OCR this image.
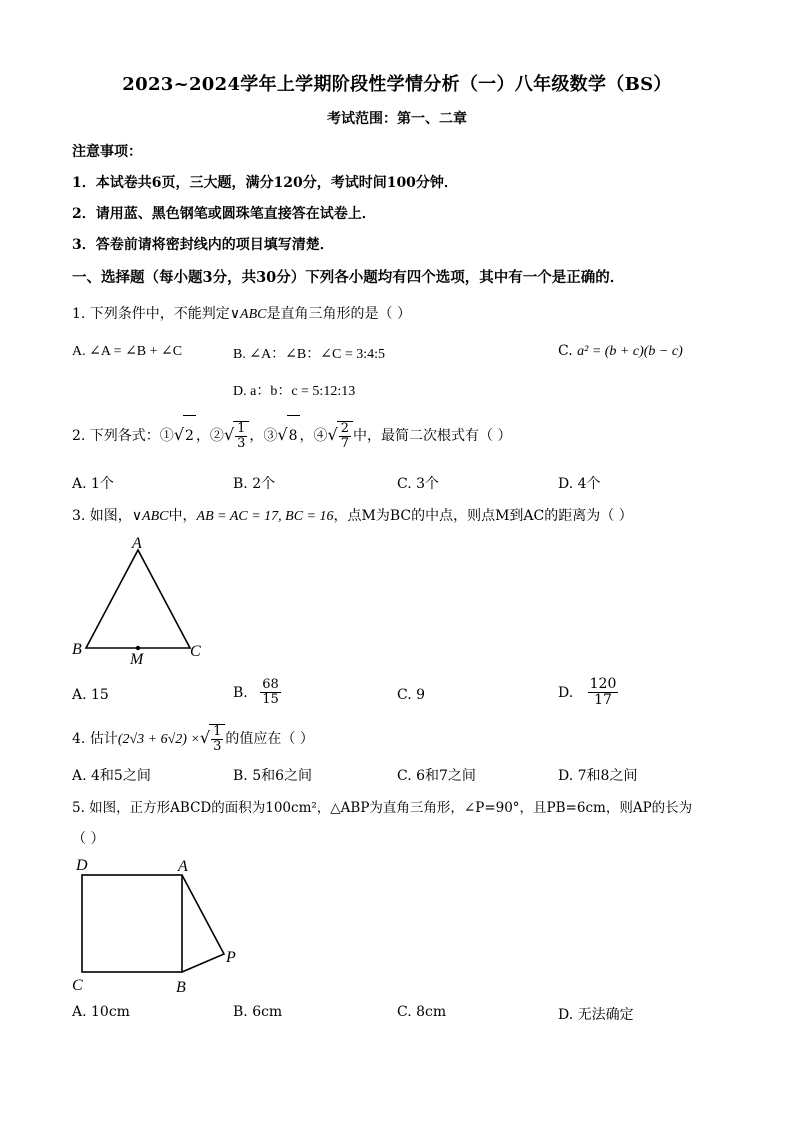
2023~2024学年上学期阶段性学情分析（一）八年级数学（BS）
考试范围：第一、二章
注意事项：
1．本试卷共6页，三大题，满分120分，考试时间100分钟．
2．请用蓝、黑色钢笔或圆珠笔直接答在试卷上．
3．答卷前请将密封线内的项目填写清楚．
一、选择题（每小题3分，共30分）下列各小题均有四个选项，其中有一个是正确的．
1. 下列条件中，不能判定∨ABC是直角三角形的是（ ）
A. ∠A = ∠B + ∠C	B. ∠A：∠B：∠C = 3:4:5	C. a² = (b + c)(b − c)
D. a：b：c = 5:12:13
2. 下列各式：①√2 ，②√ $\frac{1}{3}$ ，③√8 ，④√ $\frac{2}{7}$ 中，最简二次根式有（ ）
A. 1个	B. 2个	C. 3个	D. 4个
3. 如图，∨ABC中，AB = AC = 17, BC = 16，点M为BC的中点，则点M到AC的距离为（ ）
A
B	C
M
A. 15	B. $\frac{68}{15}$	C. 9	D. $\frac{120}{17}$
4. 估计(2√3 + 6√2) ×√ $\frac{1}{3}$ 的值应在（ ）
A. 4和5之间	B. 5和6之间	C. 6和7之间	D. 7和8之间
5. 如图，正方形ABCD的面积为100cm²，△ABP为直角三角形，∠P=90°，且PB=6cm，则AP的长为
（ ）
D	A
P
C	B
A. 10cm	B. 6cm	C. 8cm	D. 无法确定
